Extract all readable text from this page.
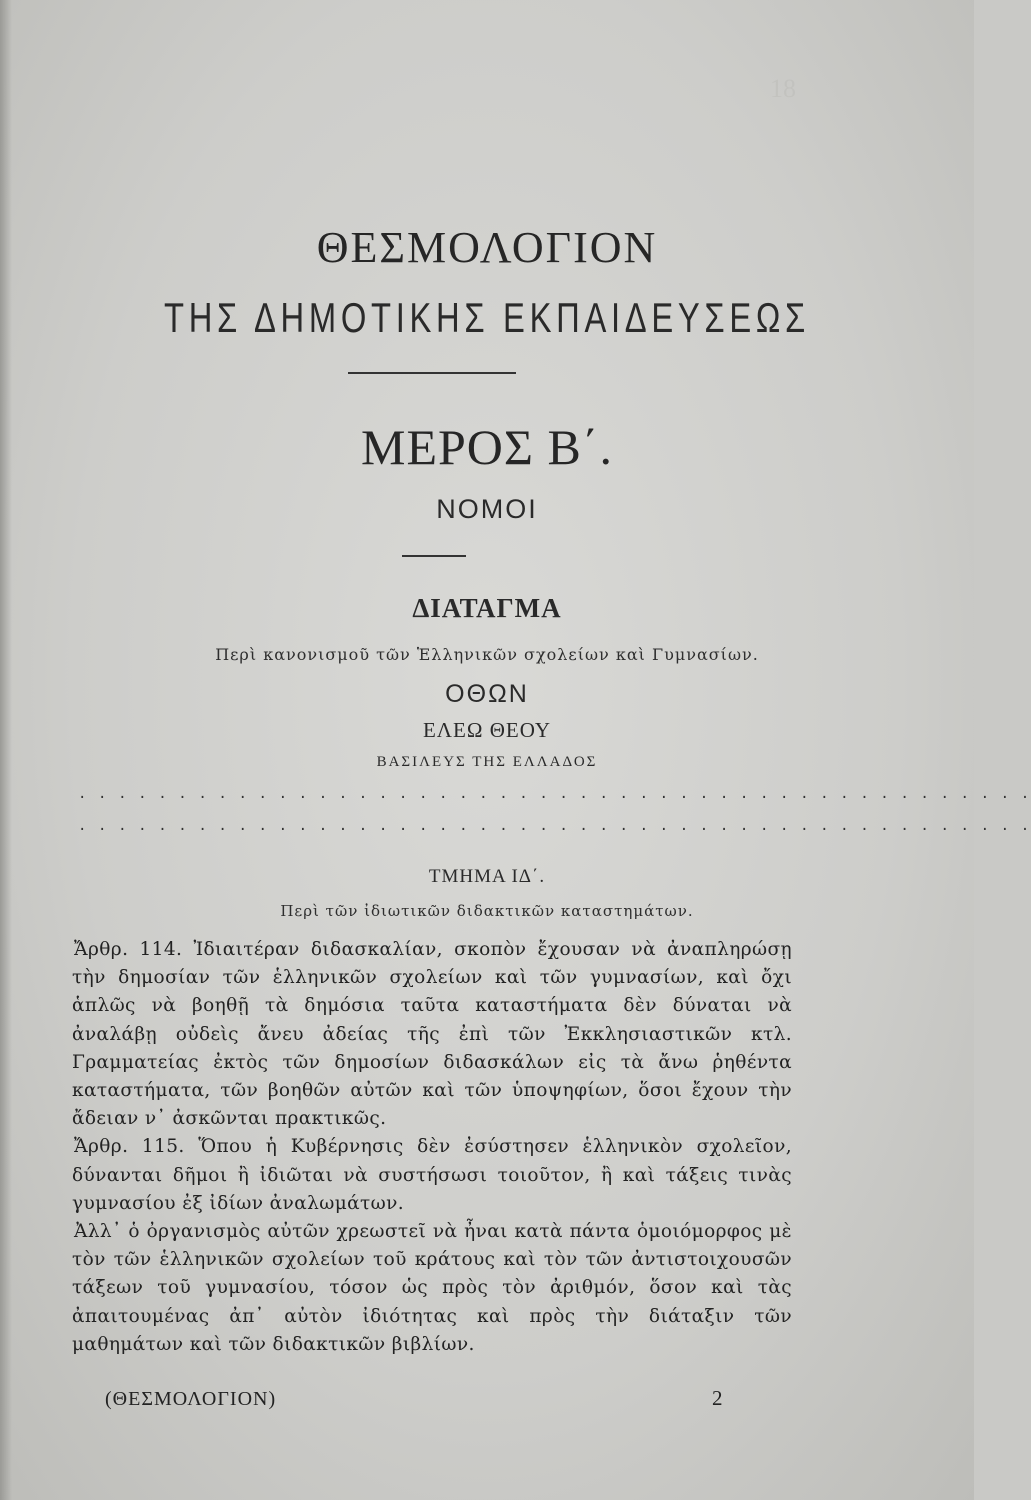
18
ΘΕΣΜΟΛΟΓΙΟΝ
ΤΗΣ ΔΗΜΟΤΙΚΗΣ ΕΚΠΑΙΔΕΥΣΕΩΣ
ΜΕΡΟΣ Β΄.
ΝΟΜΟΙ
ΔΙΑΤΑΓΜΑ
Περὶ κανονισμοῦ τῶν Ἑλληνικῶν σχολείων καὶ Γυμνασίων.
ΟΘΩΝ
ΕΛΕΩ ΘΕΟΥ
ΒΑΣΙΛΕΥΣ ΤΗΣ ΕΛΛΑΔΟΣ
. . . . . . . . . . . . . . . . . . . . . . . . . . . . . . . . . . . . . . . . . . . . . . . .
. . . . . . . . . . . . . . . . . . . . . . . . . . . . . . . . . . . . . . . . . . . . . . . .
ΤΜΗΜΑ ΙΔ΄.
Περὶ τῶν ἰδιωτικῶν διδακτικῶν καταστημάτων.

Ἄρθρ. 114. Ἰδιαιτέραν διδασκαλίαν, σκοπὸν ἔχουσαν νὰ ἀναπληρώσῃ τὴν δημοσίαν τῶν ἑλληνικῶν σχολείων καὶ τῶν γυμνασίων, καὶ ὄχι ἁπλῶς νὰ βοηθῇ τὰ δημόσια ταῦτα καταστήματα δὲν δύναται νὰ ἀναλάβῃ οὐδεὶς ἄνευ ἀδείας τῆς ἐπὶ τῶν Ἐκκλησιαστικῶν κτλ. Γραμματείας ἐκτὸς τῶν δημοσίων διδασκάλων εἰς τὰ ἄνω ῥηθέντα καταστήματα, τῶν βοηθῶν αὐτῶν καὶ τῶν ὑποψηφίων, ὅσοι ἔχουν τὴν ἄδειαν ν᾽ ἀσκῶνται πρακτικῶς.

Ἄρθρ. 115. Ὅπου ἡ Κυβέρνησις δὲν ἐσύστησεν ἑλληνικὸν σχολεῖον, δύνανται δῆμοι ἢ ἰδιῶται νὰ συστήσωσι τοιοῦτον, ἢ καὶ τάξεις τινὰς γυμνασίου ἐξ ἰδίων ἀναλωμάτων.

Ἀλλ᾽ ὁ ὀργανισμὸς αὐτῶν χρεωστεῖ νὰ ἦναι κατὰ πάντα ὁμοιόμορφος μὲ τὸν τῶν ἑλληνικῶν σχολείων τοῦ κράτους καὶ τὸν τῶν ἀντιστοιχουσῶν τάξεων τοῦ γυμνασίου, τόσον ὡς πρὸς τὸν ἀριθμόν, ὅσον καὶ τὰς ἀπαιτουμένας ἀπ᾽ αὐτὸν ἰδιότητας καὶ πρὸς τὴν διάταξιν τῶν μαθημάτων καὶ τῶν διδακτικῶν βιβλίων.

(ΘΕΣΜΟΛΟΓΙΟΝ)	2
